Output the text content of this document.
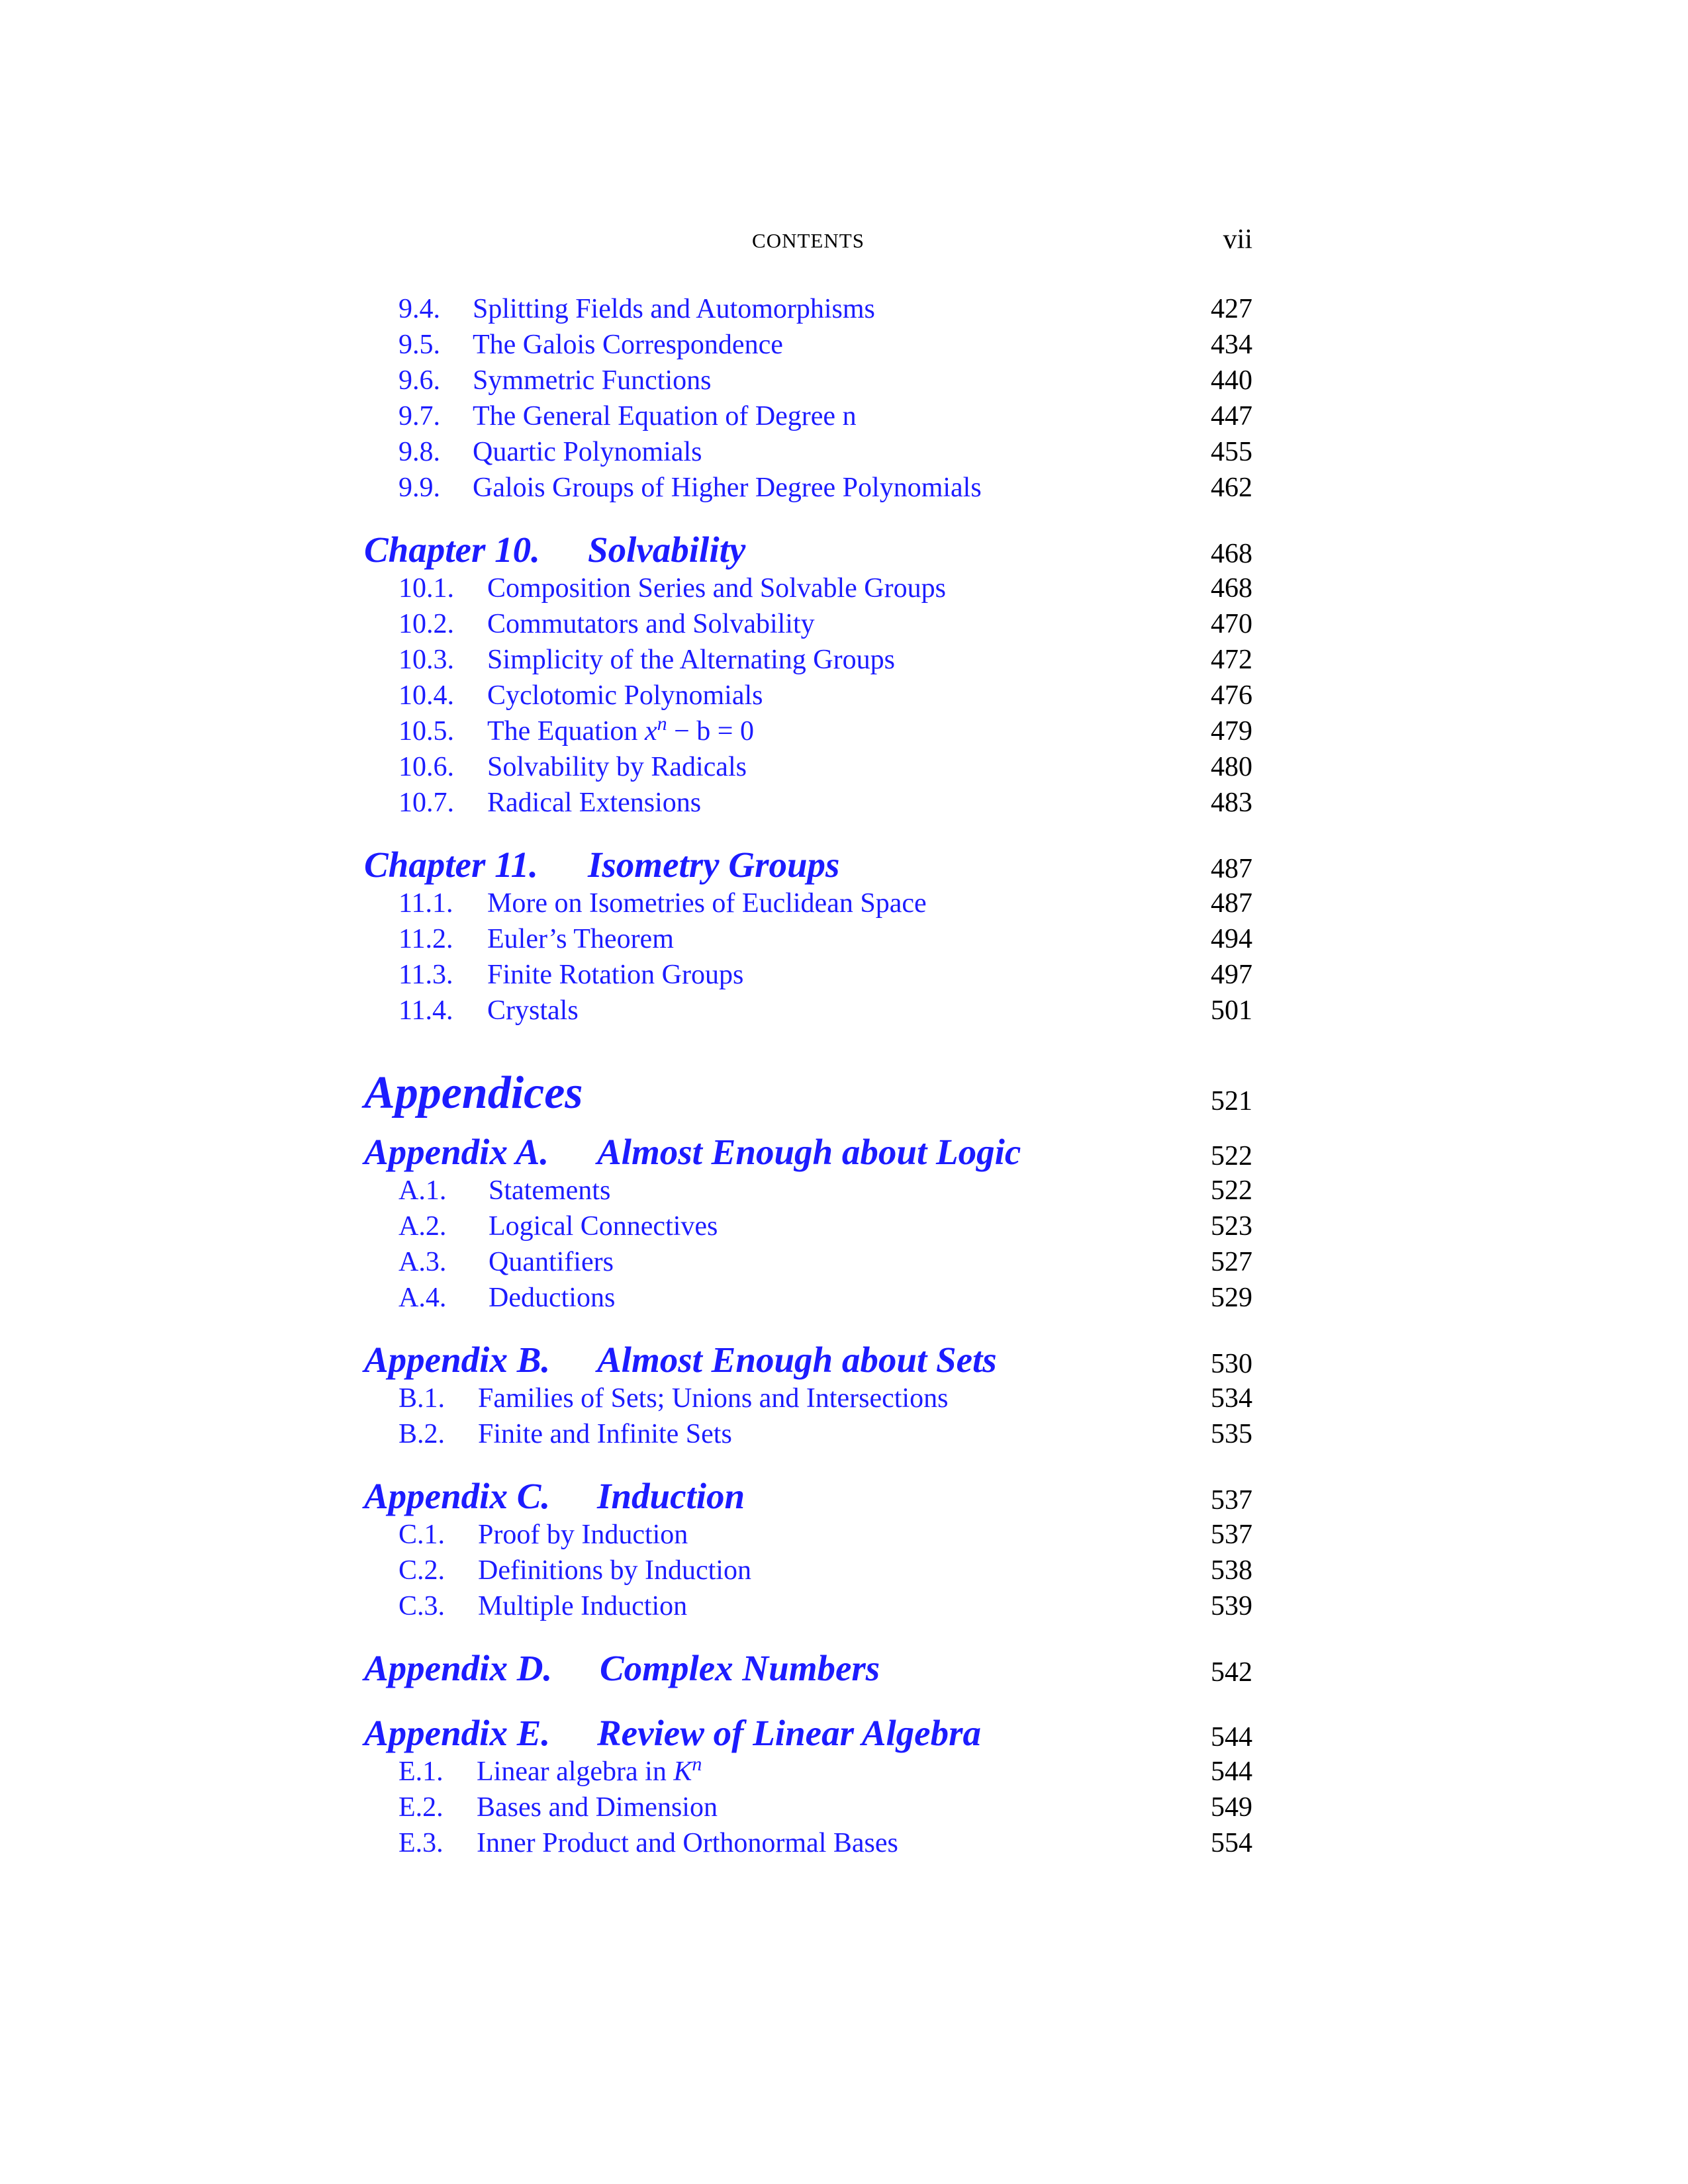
CONTENTS	vii
9.4. Splitting Fields and Automorphisms	427
9.5. The Galois Correspondence	434
9.6. Symmetric Functions	440
9.7. The General Equation of Degree n	447
9.8. Quartic Polynomials	455
9.9. Galois Groups of Higher Degree Polynomials	462
Chapter 10. Solvability	468
10.1. Composition Series and Solvable Groups	468
10.2. Commutators and Solvability	470
10.3. Simplicity of the Alternating Groups	472
10.4. Cyclotomic Polynomials	476
10.5. The Equation $x^n - b = 0$	479
10.6. Solvability by Radicals	480
10.7. Radical Extensions	483
Chapter 11. Isometry Groups	487
11.1. More on Isometries of Euclidean Space	487
11.2. Euler’s Theorem	494
11.3. Finite Rotation Groups	497
11.4. Crystals	501
Appendices	521
Appendix A. Almost Enough about Logic	522
A.1. Statements	522
A.2. Logical Connectives	523
A.3. Quantifiers	527
A.4. Deductions	529
Appendix B. Almost Enough about Sets	530
B.1. Families of Sets; Unions and Intersections	534
B.2. Finite and Infinite Sets	535
Appendix C. Induction	537
C.1. Proof by Induction	537
C.2. Definitions by Induction	538
C.3. Multiple Induction	539
Appendix D. Complex Numbers	542
Appendix E. Review of Linear Algebra	544
E.1. Linear algebra in $K^n$	544
E.2. Bases and Dimension	549
E.3. Inner Product and Orthonormal Bases	554
